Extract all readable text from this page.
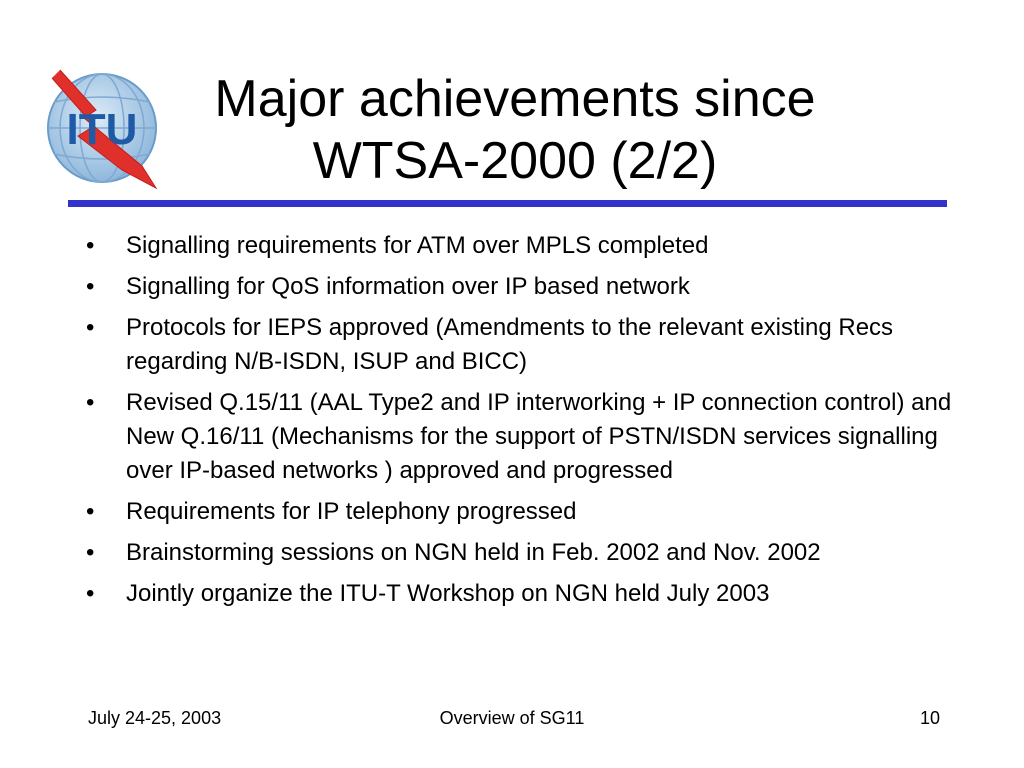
ITU
Major achievements since
WTSA-2000 (2/2)
• Signalling requirements for ATM over MPLS completed
• Signalling for QoS information over IP based network
• Protocols for IEPS approved (Amendments to the relevant existing Recs regarding N/B-ISDN, ISUP and BICC)
• Revised Q.15/11 (AAL Type2 and IP interworking + IP connection control) and New Q.16/11 (Mechanisms for the support of PSTN/ISDN services signalling over IP-based networks ) approved and progressed
• Requirements for IP telephony progressed
• Brainstorming sessions on NGN held in Feb. 2002 and Nov. 2002
• Jointly organize the ITU-T Workshop on NGN held July 2003
July 24-25, 2003	Overview of SG11	10
